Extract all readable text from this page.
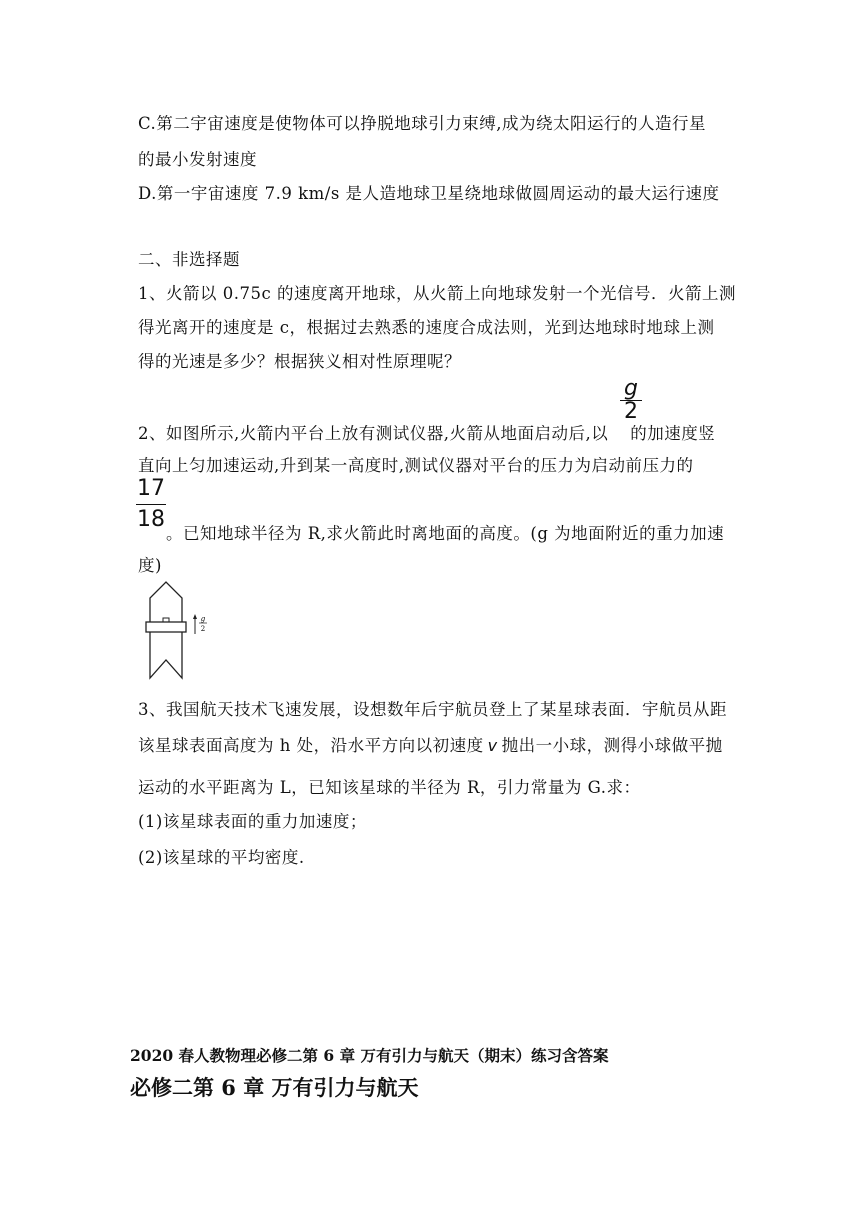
C.第二宇宙速度是使物体可以挣脱地球引力束缚,成为绕太阳运行的人造行星
的最小发射速度
D.第一宇宙速度 7.9 km/s 是人造地球卫星绕地球做圆周运动的最大运行速度
二、非选择题
1、火箭以 0.75c 的速度离开地球，从火箭上向地球发射一个光信号．火箭上测
得光离开的速度是 c，根据过去熟悉的速度合成法则，光到达地球时地球上测
得的光速是多少？根据狭义相对性原理呢？
g
2
2、如图所示,火箭内平台上放有测试仪器,火箭从地面启动后,以 的加速度竖
直向上匀加速运动,升到某一高度时,测试仪器对平台的压力为启动前压力的
17
18
。已知地球半径为 R,求火箭此时离地面的高度。(g 为地面附近的重力加速
度)
g
2
3、我国航天技术飞速发展，设想数年后宇航员登上了某星球表面．宇航员从距
该星球表面高度为 h 处，沿水平方向以初速度 v 抛出一小球，测得小球做平抛
运动的水平距离为 L，已知该星球的半径为 R，引力常量为 G.求：
(1)该星球表面的重力加速度；
(2)该星球的平均密度.
2020 春人教物理必修二第 6 章 万有引力与航天（期末）练习含答案
必修二第 6 章 万有引力与航天
